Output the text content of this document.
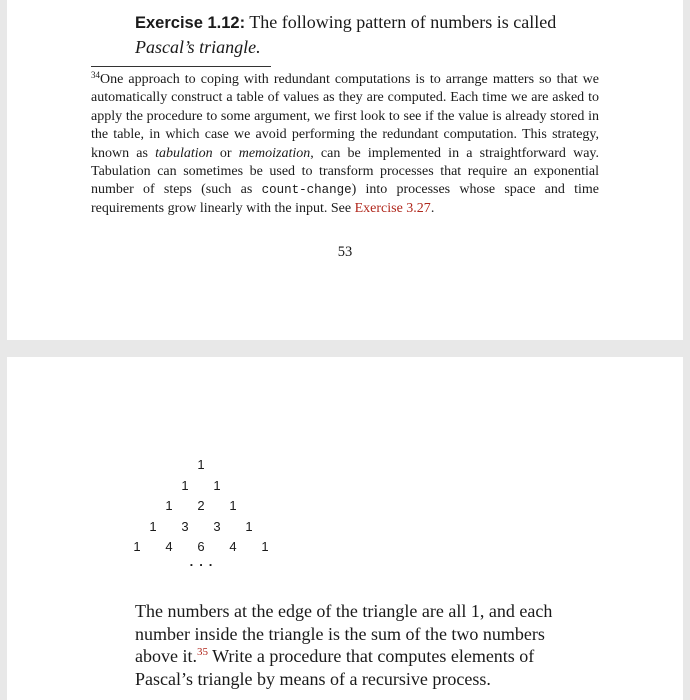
Exercise 1.12: The following pattern of numbers is called
Pascal’s triangle.
$^{34}$One approach to coping with redundant computations is to arrange matters so that we automatically construct a table of values as they are computed. Each time we are asked to apply the procedure to some argument, we first look to see if the value is already stored in the table, in which case we avoid performing the redundant computation. This strategy, known as tabulation or memoization, can be implemented in a straightforward way. Tabulation can sometimes be used to transform processes that require an exponential number of steps (such as count-change) into processes whose space and time requirements grow linearly with the input. See Exercise 3.27.
53
1
1 1
1 2 1
1 3 3 1
1 4 6 4 1
...
The numbers at the edge of the triangle are all 1, and each number inside the triangle is the sum of the two numbers above it.$^{35}$ Write a procedure that computes elements of Pascal’s triangle by means of a recursive process.
